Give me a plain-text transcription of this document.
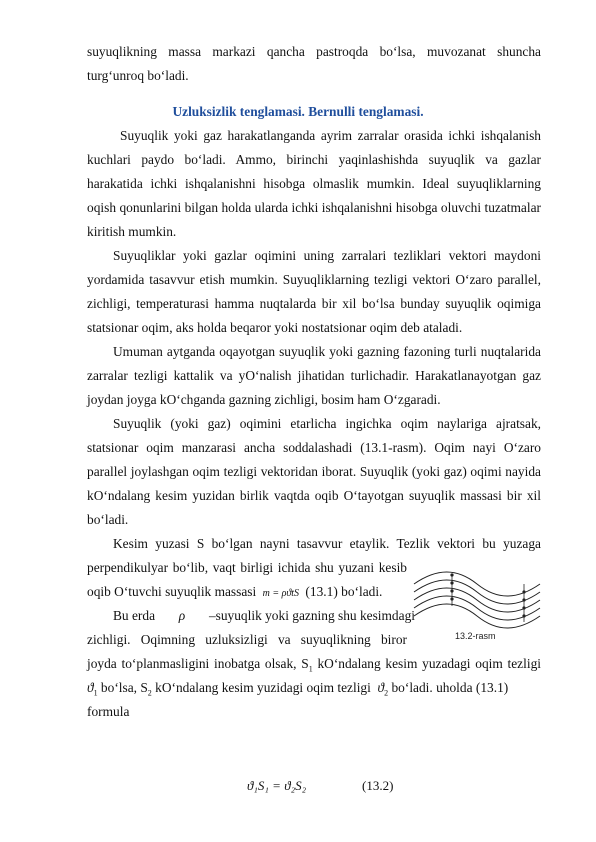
suyuqlikning massa markazi qancha pastroqda bo‘lsa, muvozanat shuncha
turg‘unroq bo‘ladi.
Uzluksizlik tenglamasi. Bernulli tenglamasi.
Suyuqlik yoki gaz harakatlanganda ayrim zarralar orasida ichki ishqalanish
kuchlari paydo bo‘ladi. Ammo, birinchi yaqinlashishda suyuqlik va gazlar
harakatida ichki ishqalanishni hisobga olmaslik mumkin. Ideal suyuqliklarning
oqish qonunlarini bilgan holda ularda ichki ishqalanishni hisobga oluvchi tuzatmalar
kiritish mumkin.
Suyuqliklar yoki gazlar oqimini uning zarralari tezliklari vektori maydoni
yordamida tasavvur etish mumkin. Suyuqliklarning tezligi vektori O‘zaro parallel,
zichligi, temperaturasi hamma nuqtalarda bir xil bo‘lsa bunday suyuqlik oqimiga
statsionar oqim, aks holda beqaror yoki nostatsionar oqim deb ataladi.
Umuman aytganda oqayotgan suyuqlik yoki gazning fazoning turli nuqtalarida
zarralar tezligi kattalik va yO‘nalish jihatidan turlichadir. Harakatlanayotgan gaz
joydan joyga kO‘chganda gazning zichligi, bosim ham O‘zgaradi.
Suyuqlik (yoki gaz) oqimini etarlicha ingichka oqim naylariga ajratsak,
statsionar oqim manzarasi ancha soddalashadi (13.1-rasm). Oqim nayi O‘zaro
parallel joylashgan oqim tezligi vektoridan iborat. Suyuqlik (yoki gaz) oqimi nayida
kO‘ndalang kesim yuzidan birlik vaqtda oqib O‘tayotgan suyuqlik massasi bir xil
bo‘ladi.
Kesim yuzasi S bo‘lgan nayni tasavvur etaylik. Tezlik vektori bu yuzaga
perpendikulyar bo‘lib, vaqt birligi ichida shu yuzani kesib
oqib O‘tuvchi suyuqlik massasi m = ρϑtS (13.1) bo‘ladi.
Bu erda ρ –suyuqlik yoki gazning shu kesimdagi
zichligi. Oqimning uzluksizligi va suyuqlikning biror	13.2-rasm
joyda to‘planmasligini inobatga olsak, $S_1$ kO‘ndalang kesim yuzadagi oqim tezligi
$ϑ_1$ bo‘lsa, $S_2$ kO‘ndalang kesim yuzidagi oqim tezligi $ϑ_2$ bo‘ladi. uholda (13.1)
formula
ϑ₁S₁ = ϑ₂S₂	(13.2)
